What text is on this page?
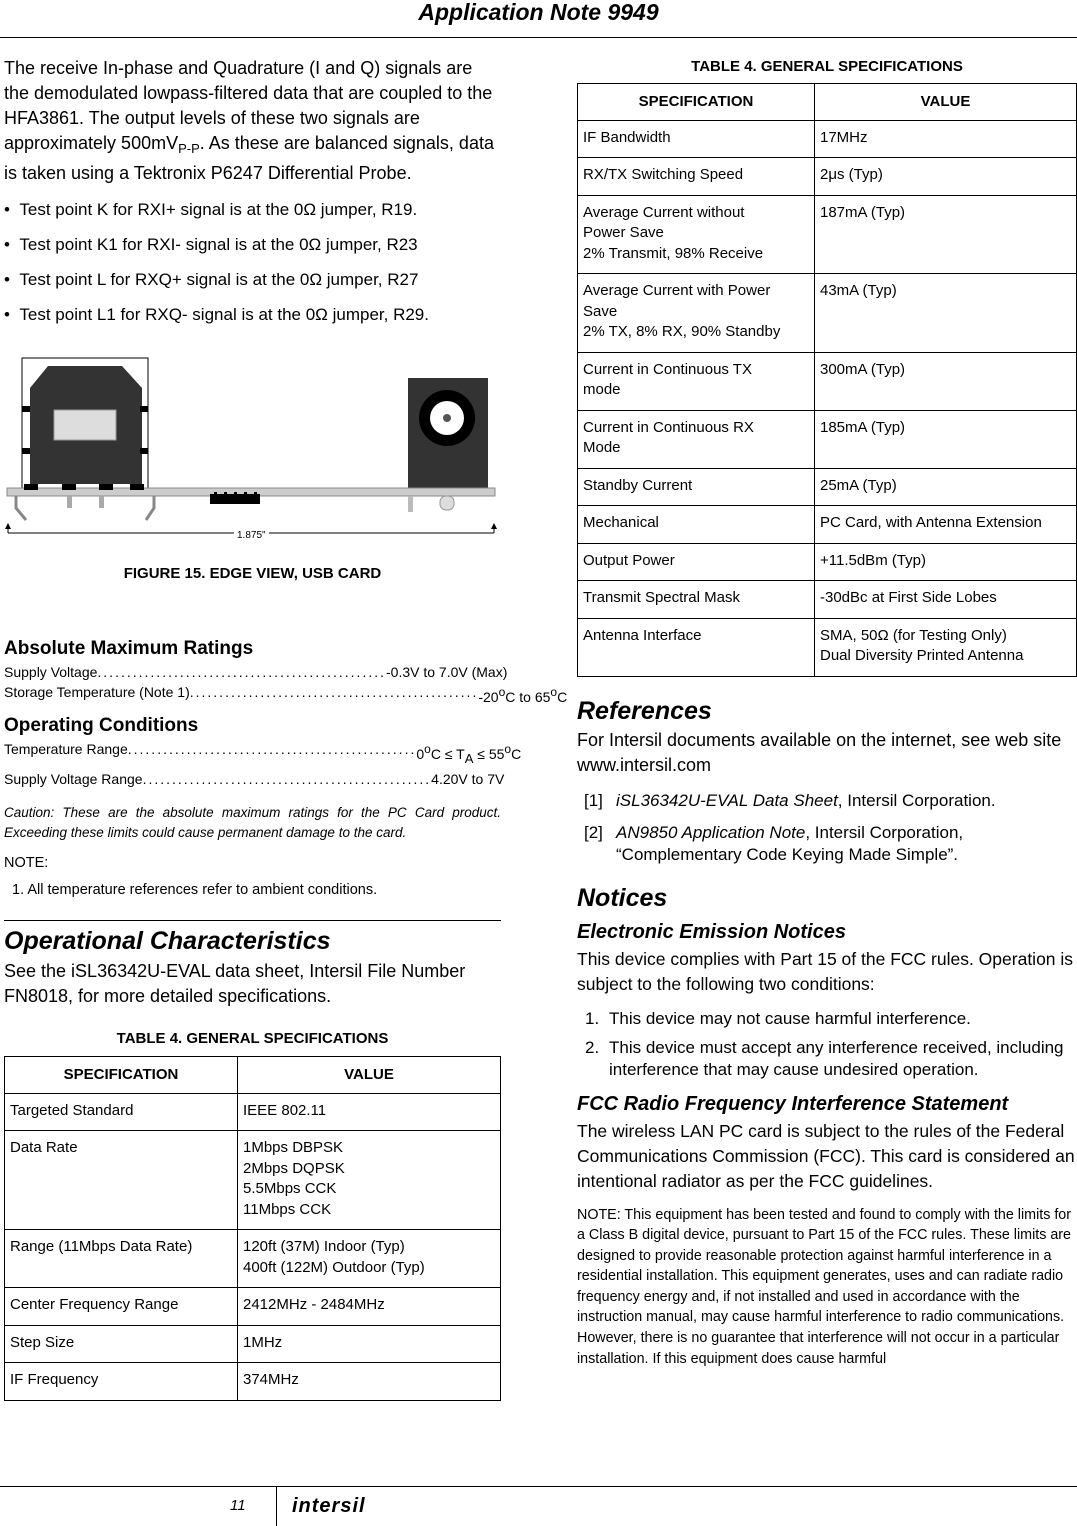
Application Note 9949

The receive In-phase and Quadrature (I and Q) signals are the demodulated lowpass-filtered data that are coupled to the HFA3861. The output levels of these two signals are approximately $500mV_{P-P}$. As these are balanced signals, data is taken using a Tektronix P6247 Differential Probe.

•  Test point K for RXI+ signal is at the 0Ω jumper, R19.
•  Test point K1 for RXI- signal is at the 0Ω jumper, R23
•  Test point L for RXQ+ signal is at the 0Ω jumper, R27
•  Test point L1 for RXQ- signal is at the 0Ω jumper, R29.
1.875"
FIGURE 15. EDGE VIEW, USB CARD
Absolute Maximum Ratings
Supply Voltage ................................................. -0.3V to 7.0V (Max)
Storage Temperature (Note 1) ................................................. -20oC to 65oC
Operating Conditions
Temperature Range ................................................. 0oC ≤ TA ≤ 55oC
Supply Voltage Range ................................................. 4.20V to 7V

Caution: These are the absolute maximum ratings for the PC Card product. Exceeding these limits could cause permanent damage to the card.

NOTE:

1. All temperature references refer to ambient conditions.

Operational Characteristics

See the iSL36342U-EVAL data sheet, Intersil File Number FN8018, for more detailed specifications.

TABLE 4. GENERAL SPECIFICATIONS
SPECIFICATION	VALUE
Targeted Standard	IEEE 802.11
Data Rate	1Mbps DBPSK
2Mbps DQPSK
5.5Mbps CCK
11Mbps CCK
Range (11Mbps Data Rate)	120ft (37M) Indoor (Typ)
400ft (122M) Outdoor (Typ)
Center Frequency Range	2412MHz - 2484MHz
Step Size	1MHz
IF Frequency	374MHz
TABLE 4. GENERAL SPECIFICATIONS
SPECIFICATION	VALUE
IF Bandwidth	17MHz
RX/TX Switching Speed	2μs (Typ)
Average Current without
Power Save
2% Transmit, 98% Receive	187mA (Typ)
Average Current with Power
Save
2% TX, 8% RX, 90% Standby	43mA (Typ)
Current in Continuous TX
mode	300mA (Typ)
Current in Continuous RX
Mode	185mA (Typ)
Standby Current	25mA (Typ)
Mechanical	PC Card, with Antenna Extension
Output Power	+11.5dBm (Typ)
Transmit Spectral Mask	-30dBc at First Side Lobes
Antenna Interface	SMA, 50Ω (for Testing Only)
Dual Diversity Printed Antenna
References

For Intersil documents available on the internet, see web site www.intersil.com

[1] iSL36342U-EVAL Data Sheet, Intersil Corporation.
[2] AN9850 Application Note, Intersil Corporation, “Complementary Code Keying Made Simple”.
Notices
Electronic Emission Notices

This device complies with Part 15 of the FCC rules. Operation is subject to the following two conditions:

1. This device may not cause harmful interference.
2. This device must accept any interference received, including interference that may cause undesired operation.
FCC Radio Frequency Interference Statement

The wireless LAN PC card is subject to the rules of the Federal Communications Commission (FCC). This card is considered an intentional radiator as per the FCC guidelines.

NOTE: This equipment has been tested and found to comply with the limits for a Class B digital device, pursuant to Part 15 of the FCC rules. These limits are designed to provide reasonable protection against harmful interference in a residential installation. This equipment generates, uses and can radiate radio frequency energy and, if not installed and used in accordance with the instruction manual, may cause harmful interference to radio communications. However, there is no guarantee that interference will not occur in a particular installation. If this equipment does cause harmful

11 intersil
